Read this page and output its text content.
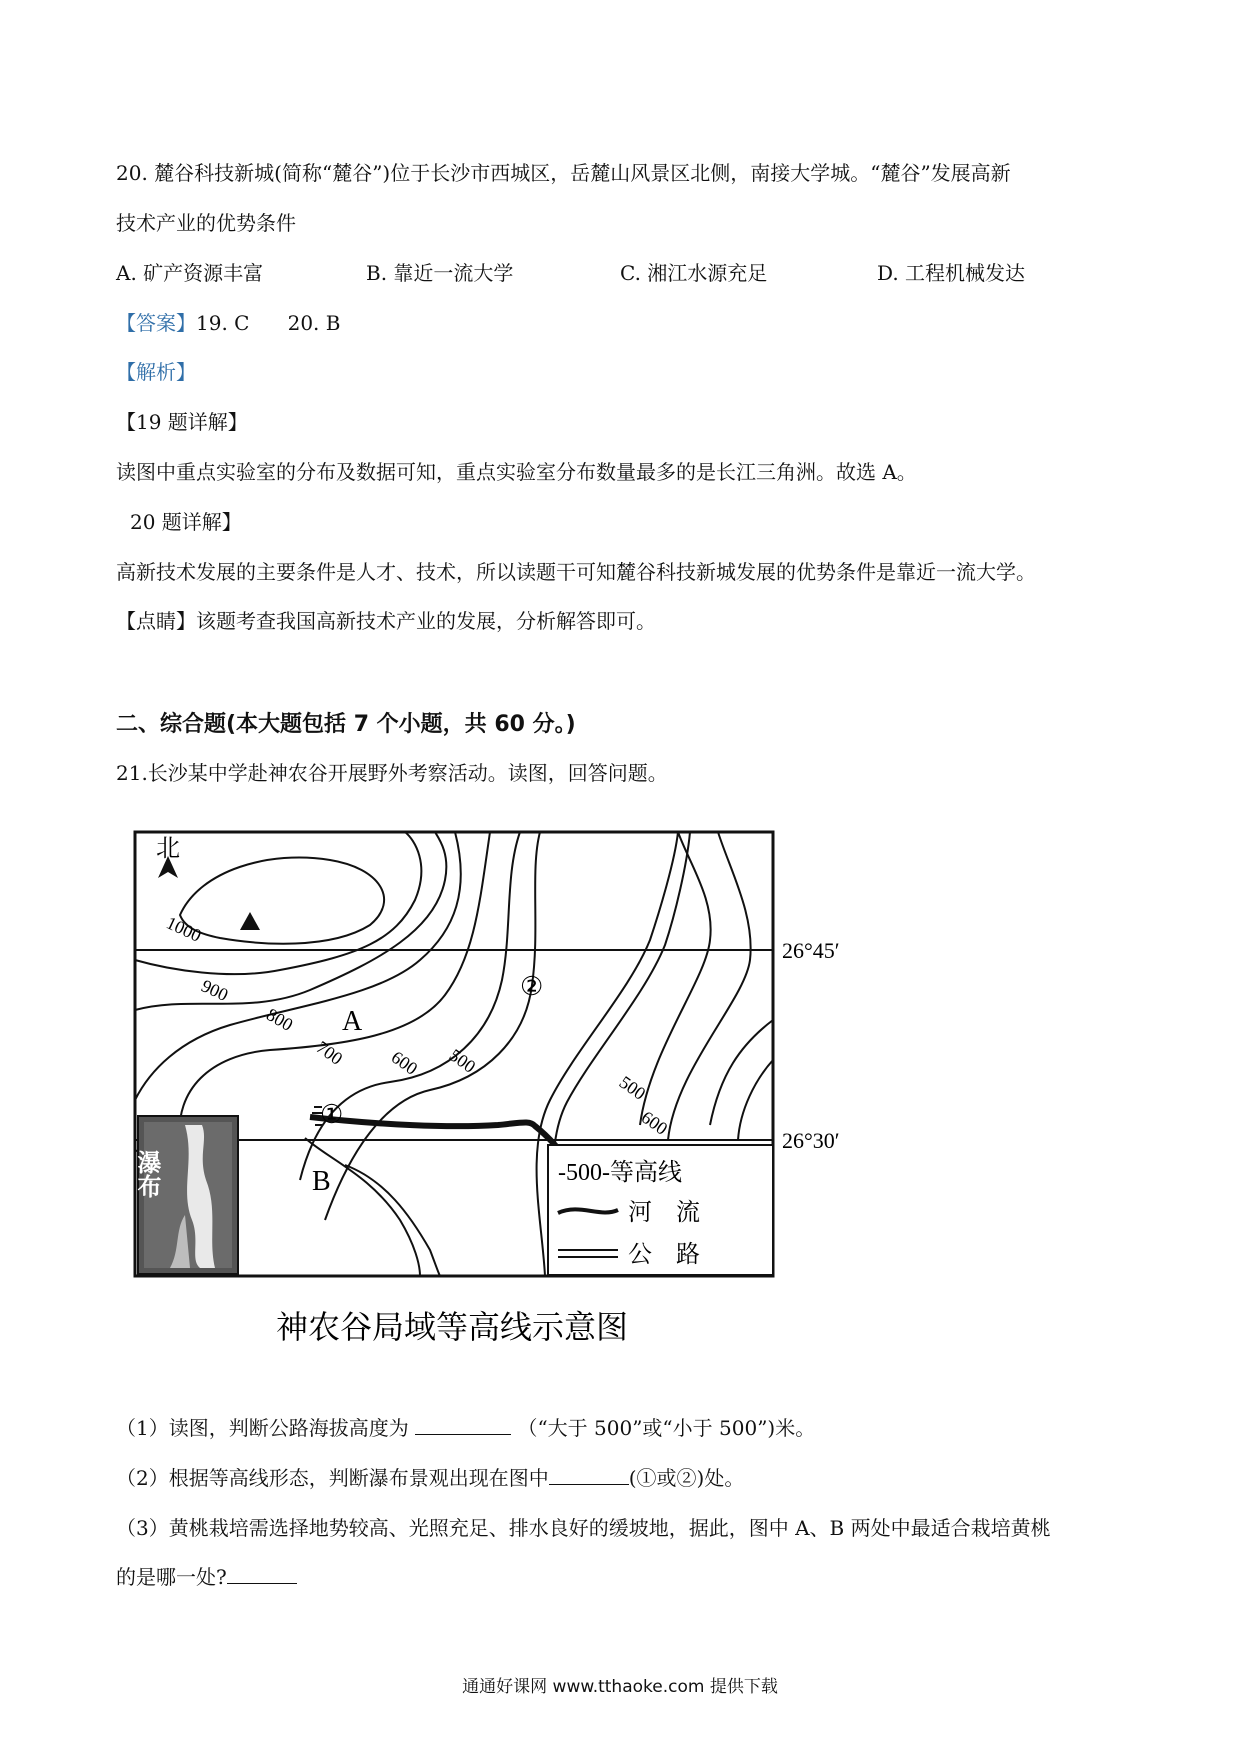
20. 麓谷科技新城(简称“麓谷”)位于长沙市西城区，岳麓山风景区北侧，南接大学城。“麓谷”发展高新
技术产业的优势条件
A. 矿产资源丰富	B. 靠近一流大学	C. 湘江水源充足	D. 工程机械发达
【答案】19. C      20. B
【解析】
【19 题详解】
读图中重点实验室的分布及数据可知，重点实验室分布数量最多的是长江三角洲。故选 A。
20 题详解】
高新技术发展的主要条件是人才、技术，所以读题干可知麓谷科技新城发展的优势条件是靠近一流大学。
【点睛】该题考查我国高新技术产业的发展，分析解答即可。
二、综合题(本大题包括 7 个小题，共 60 分。)
21.长沙某中学赴神农谷开展野外考察活动。读图，回答问题。
北
1000
900
800
700 600 500
500
600
A
B
①
②
26°45′
26°30′
瀑布	-500-等高线
河　流
公　路
神农谷局域等高线示意图
（1）读图，判断公路海拔高度为	（“大于 500”或“小于 500”)米。
（2）根据等高线形态，判断瀑布景观出现在图中	(①或②)处。
（3）黄桃栽培需选择地势较高、光照充足、排水良好的缓坡地，据此，图中 A、B 两处中最适合栽培黄桃
的是哪一处?
通通好课网 www.tthaoke.com 提供下载
